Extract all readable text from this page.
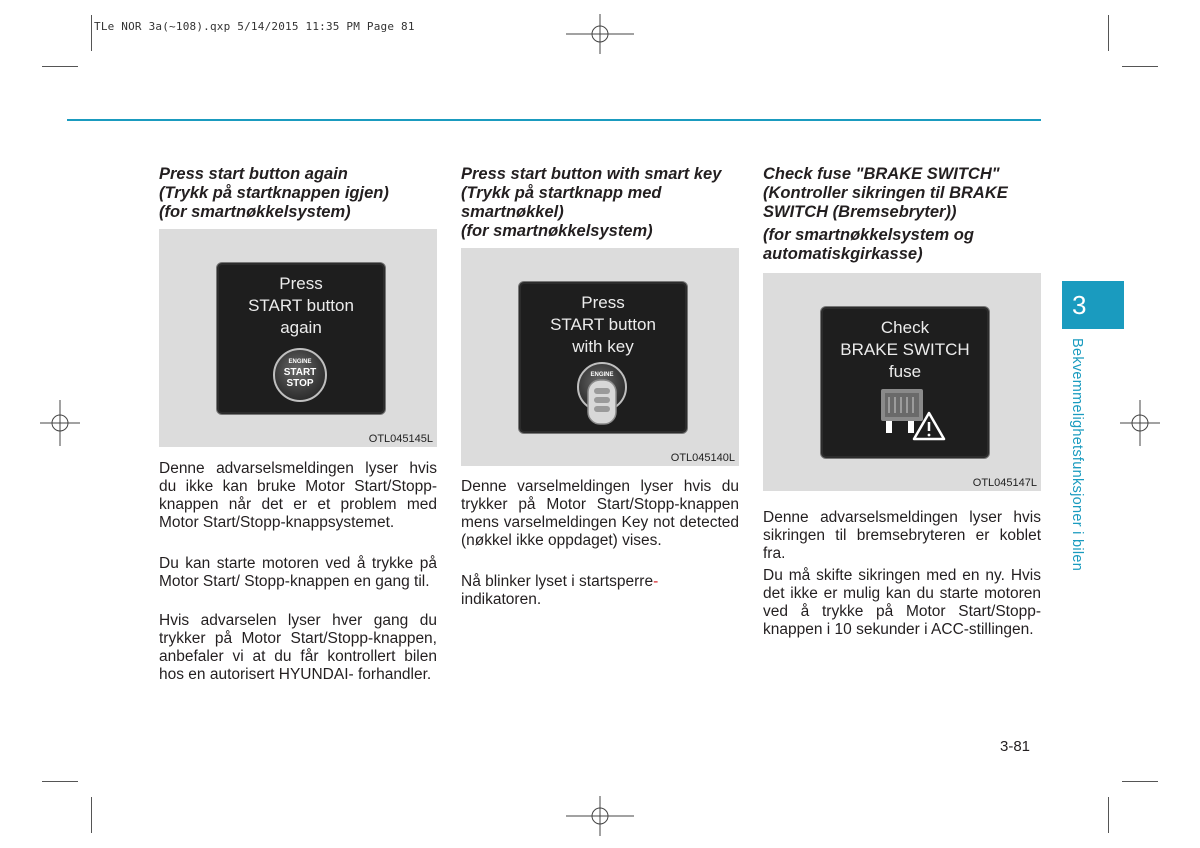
TLe NOR 3a(~108).qxp 5/14/2015 11:35 PM Page 81

Press start button again

(Trykk på startknappen igjen)

(for smartnøkkelsystem)

Press
START button
again
ENGINE
START
STOP
OTL045145L

Denne advarselsmeldingen lyser hvis du ikke kan bruke Motor Start/Stopp- knappen når det er et problem med Motor Start/Stopp-knappsystemet.

Du kan starte motoren ved å trykke på Motor Start/ Stopp-knappen en gang til.

Hvis advarselen lyser hver gang du trykker på Motor Start/Stopp-knappen, anbefaler vi at du får kontrollert bilen hos en autorisert HYUNDAI- forhandler.

Press start button with smart key (Trykk på startknapp med smartnøkkel)

(for smartnøkkelsystem)

Press
START button
with key
ENGINE
OTL045140L

Denne varselmeldingen lyser hvis du trykker på Motor Start/Stopp-knappen mens varselmeldingen Key not detected (nøkkel ikke oppdaget) vises.

Nå blinker lyset i startsperre-
indikatoren.

Check fuse "BRAKE SWITCH" (Kontroller sikringen til BRAKE SWITCH (Bremsebryter))

(for smartnøkkelsystem og automatiskgirkasse)

Check
BRAKE SWITCH
fuse
OTL045147L

Denne advarselsmeldingen lyser hvis sikringen til bremsebryteren er koblet fra.

Du må skifte sikringen med en ny. Hvis det ikke er mulig kan du starte motoren ved å trykke på Motor Start/Stopp-knappen i 10 sekunder i ACC-stillingen.

3
Bekvemmelighetsfunksjoner i bilen
3-81
